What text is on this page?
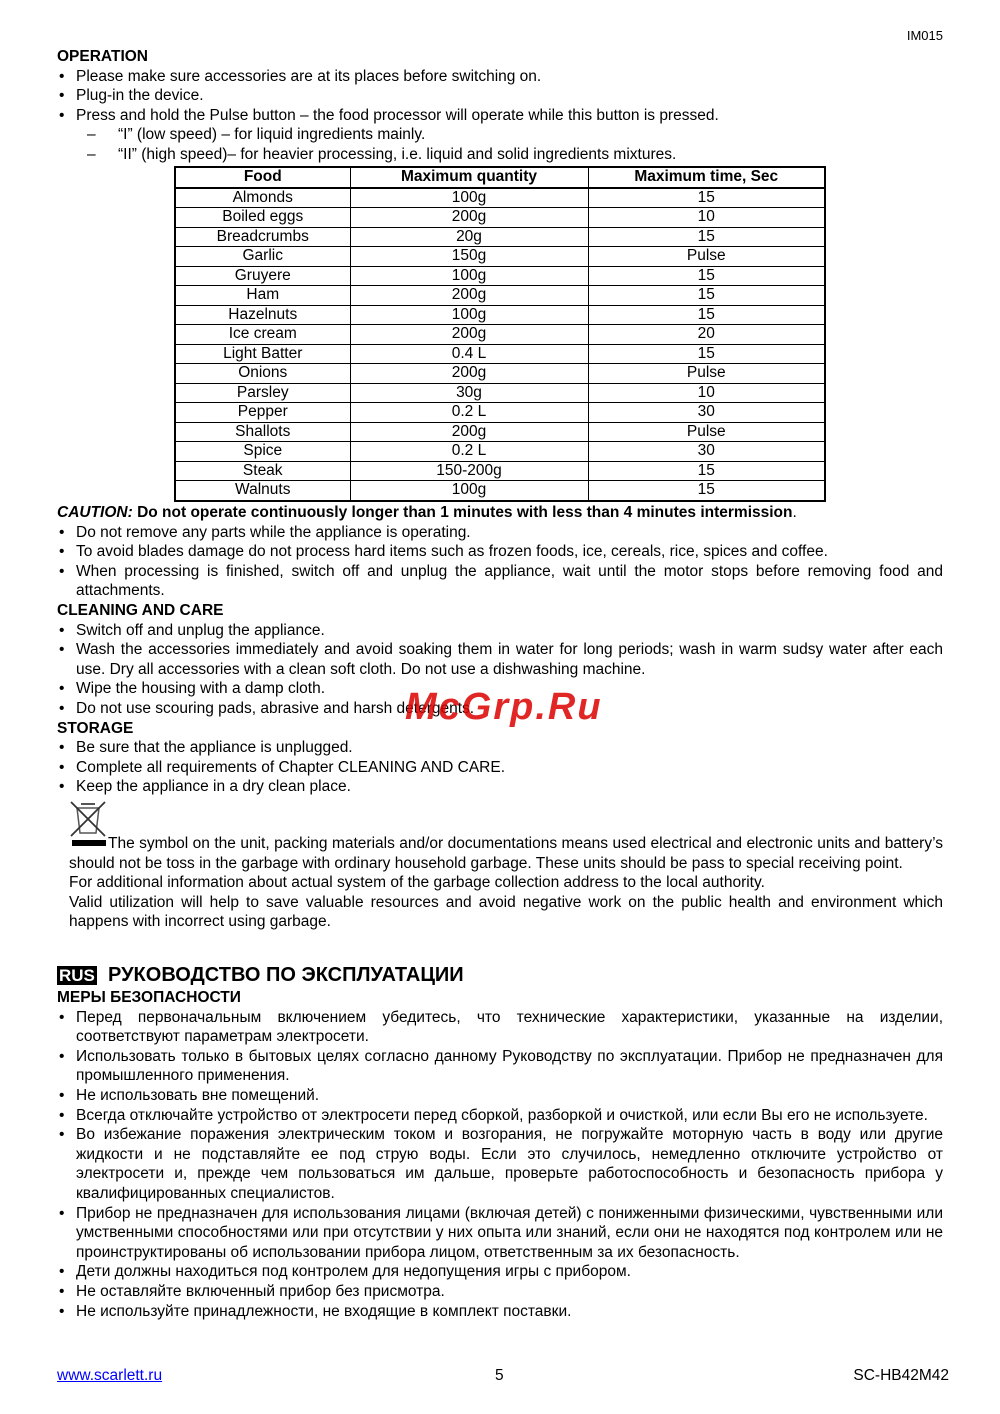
IM015
OPERATION
• Please make sure accessories are at its places before switching on.
• Plug-in the device.
• Press and hold the Pulse button – the food processor will operate while this button is pressed.
– “I” (low speed) – for liquid ingredients mainly.
– “II” (high speed)– for heavier processing, i.e. liquid and solid ingredients mixtures.
Food	Maximum quantity	Maximum time, Sec
Almonds	100g	15
Boiled eggs	200g	10
Breadcrumbs	20g	15
Garlic	150g	Pulse
Gruyere	100g	15
Ham	200g	15
Hazelnuts	100g	15
Ice cream	200g	20
Light Batter	0.4 L	15
Onions	200g	Pulse
Parsley	30g	10
Pepper	0.2 L	30
Shallots	200g	Pulse
Spice	0.2 L	30
Steak	150-200g	15
Walnuts	100g	15
CAUTION: Do not operate continuously longer than 1 minutes with less than 4 minutes intermission.
• Do not remove any parts while the appliance is operating.
• To avoid blades damage do not process hard items such as frozen foods, ice, cereals, rice, spices and coffee.
• When processing is finished, switch off and unplug the appliance, wait until the motor stops before removing food and attachments.
CLEANING AND CARE
• Switch off and unplug the appliance.
• Wash the accessories immediately and avoid soaking them in water for long periods; wash in warm sudsy water after each use. Dry all accessories with a clean soft cloth. Do not use a dishwashing machine.
• Wipe the housing with a damp cloth.
• Do not use scouring pads, abrasive and harsh detergents.
STORAGE
• Be sure that the appliance is unplugged.
• Complete all requirements of Chapter CLEANING AND CARE.
• Keep the appliance in a dry clean place.
The symbol on the unit, packing materials and/or documentations means used electrical and electronic units and battery’s should not be toss in the garbage with ordinary household garbage. These units should be pass to special receiving point.
For additional information about actual system of the garbage collection address to the local authority.
Valid utilization will help to save valuable resources and avoid negative work on the public health and environment which happens with incorrect using garbage.
RUS РУКОВОДСТВО ПО ЭКСПЛУАТАЦИИ
МЕРЫ БЕЗОПАСНОСТИ
• Перед первоначальным включением убедитесь, что технические характеристики, указанные на изделии, соответствуют параметрам электросети.
• Использовать только в бытовых целях согласно данному Руководству по эксплуатации. Прибор не предназначен для промышленного применения.
• Не использовать вне помещений.
• Всегда отключайте устройство от электросети перед сборкой, разборкой и очисткой, или если Вы его не используете.
• Во избежание поражения электрическим током и возгорания, не погружайте моторную часть в воду или другие жидкости и не подставляйте ее под струю воды. Если это случилось, немедленно отключите устройство от электросети и, прежде чем пользоваться им дальше, проверьте работоспособность и безопасность прибора у квалифицированных специалистов.
• Прибор не предназначен для использования лицами (включая детей) с пониженными физическими, чувственными или умственными способностями или при отсутствии у них опыта или знаний, если они не находятся под контролем или не проинструктированы об использовании прибора лицом, ответственным за их безопасность.
• Дети должны находиться под контролем для недопущения игры с прибором.
• Не оставляйте включенный прибор без присмотра.
• Не используйте принадлежности, не входящие в комплект поставки.
McGrp.Ru
www.scarlett.ru	5	SC-HB42M42
